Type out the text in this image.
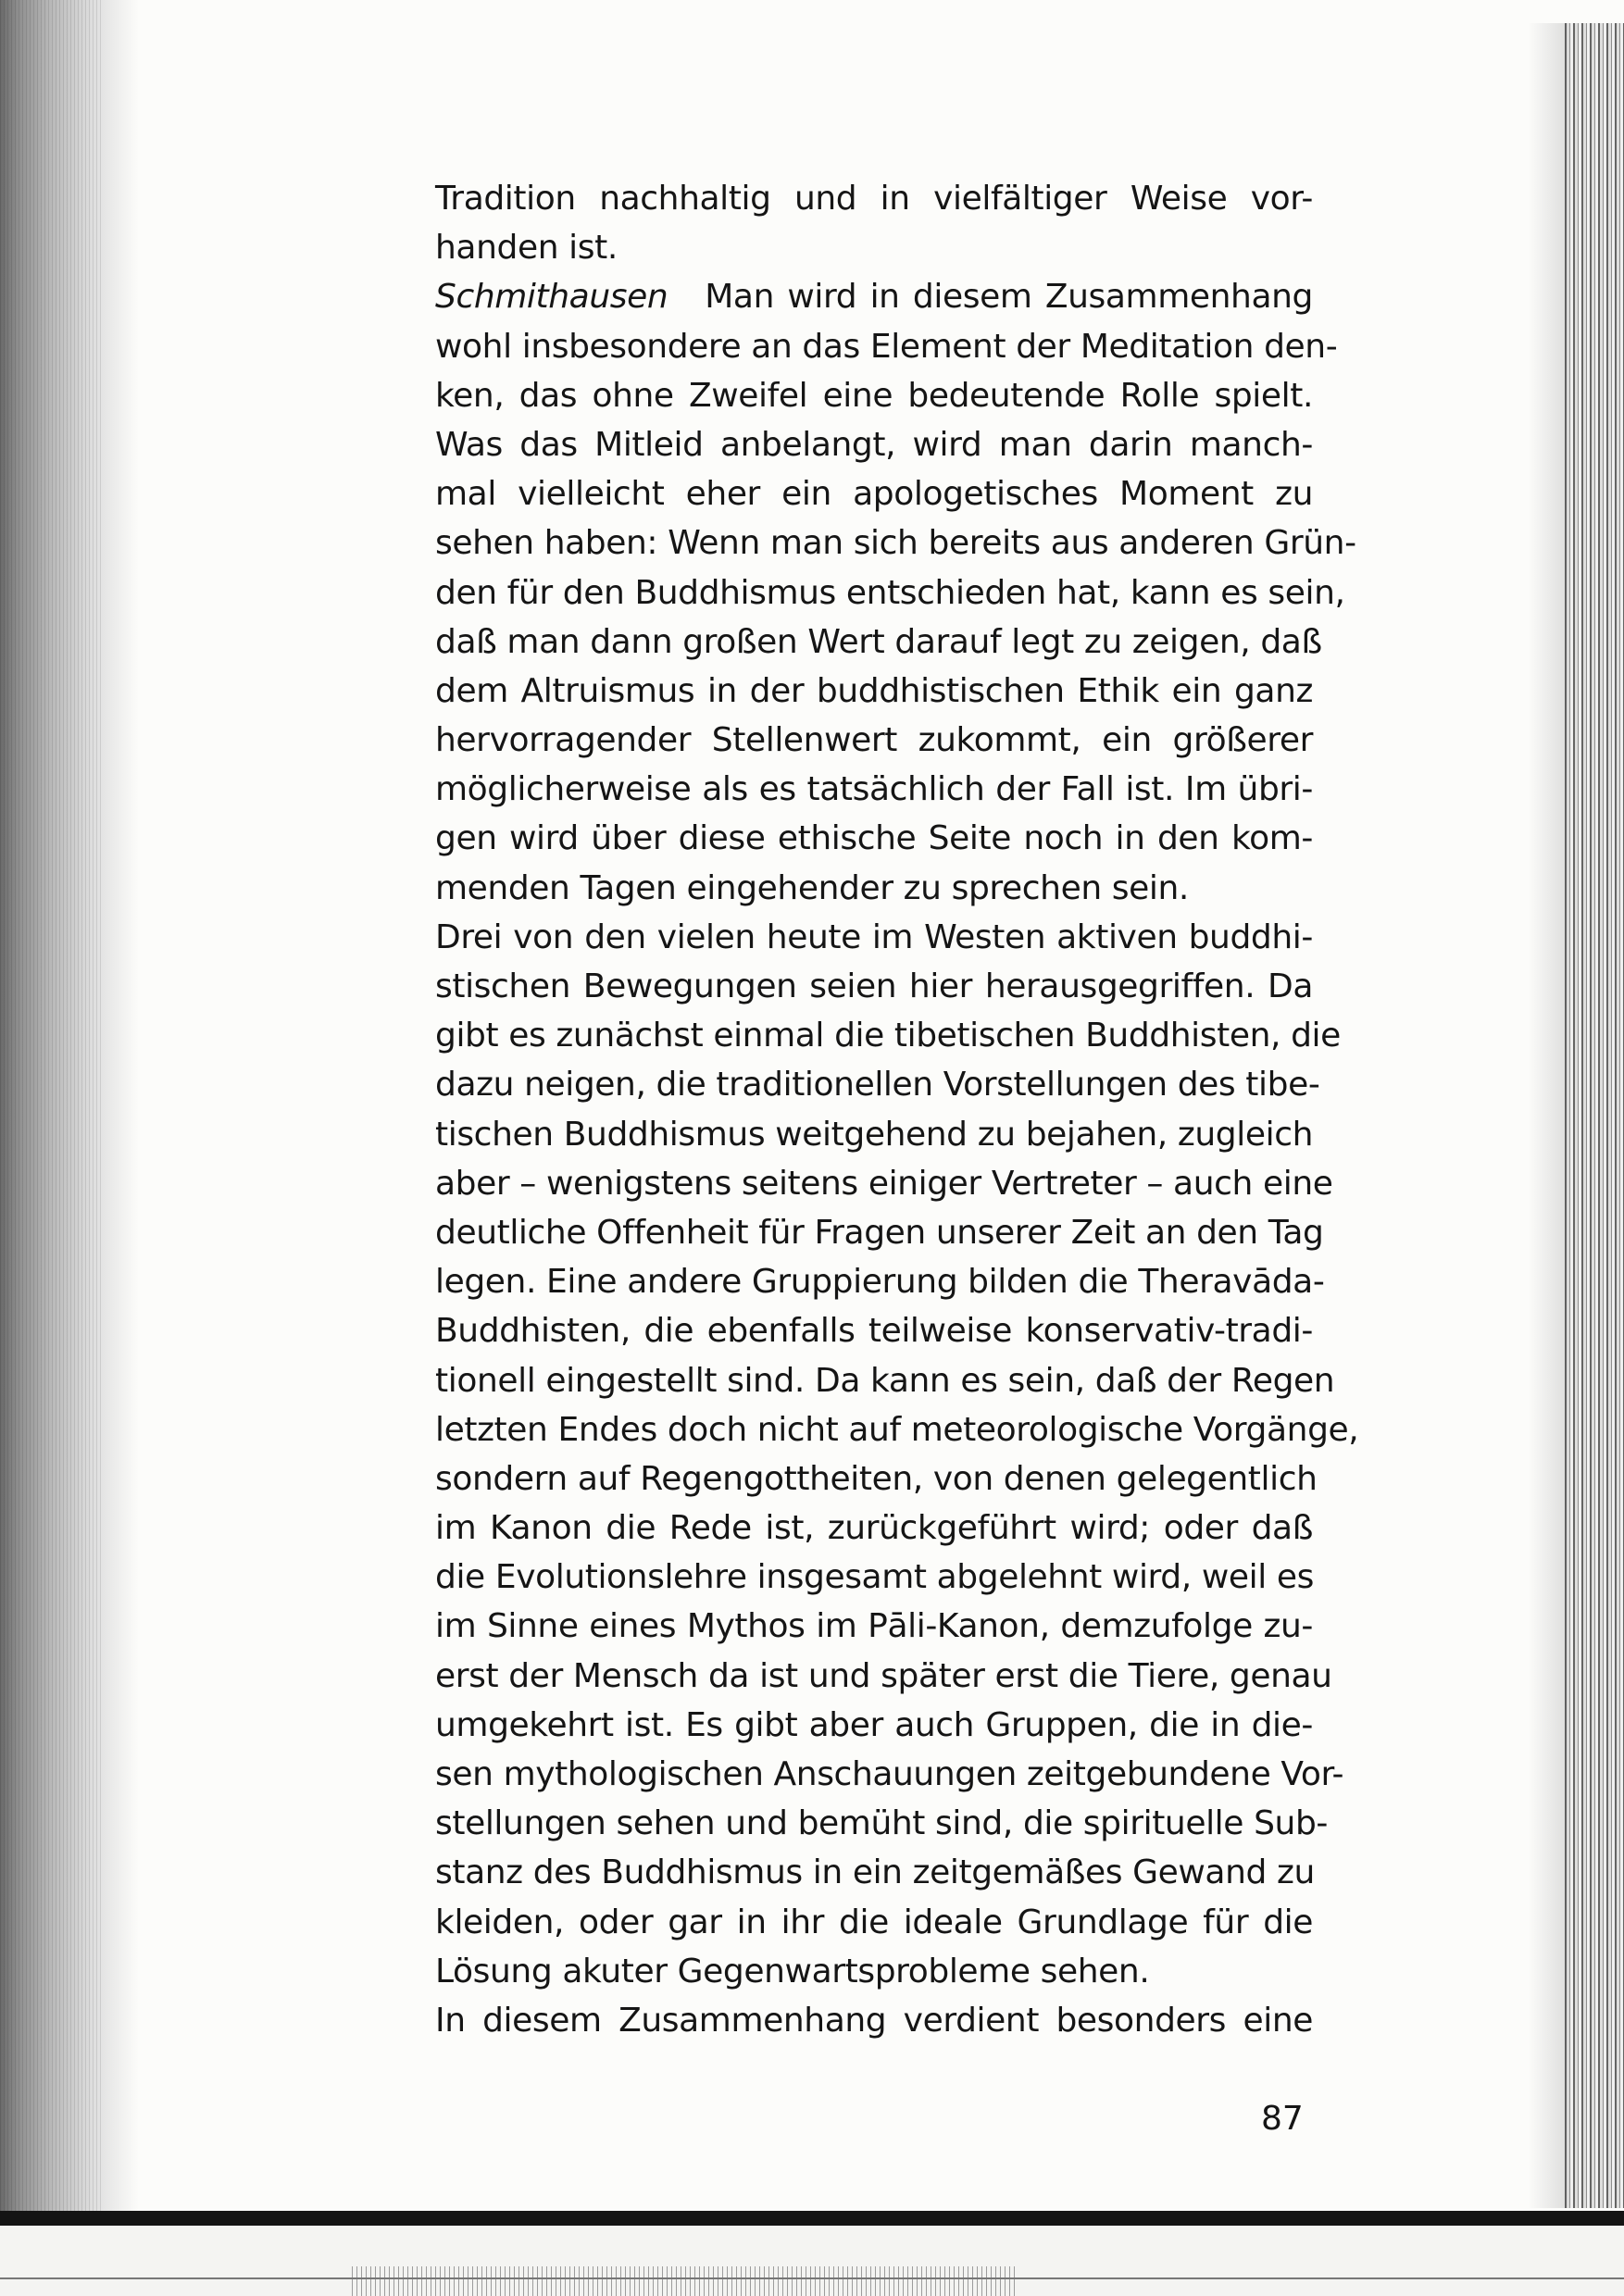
Tradition nachhaltig und in vielfältiger Weise vor-
handen ist.
Schmithausen Man wird in diesem Zusammenhang
wohl insbesondere an das Element der Meditation den-
ken, das ohne Zweifel eine bedeutende Rolle spielt.
Was das Mitleid anbelangt, wird man darin manch-
mal vielleicht eher ein apologetisches Moment zu
sehen haben: Wenn man sich bereits aus anderen Grün-
den für den Buddhismus entschieden hat, kann es sein,
daß man dann großen Wert darauf legt zu zeigen, daß
dem Altruismus in der buddhistischen Ethik ein ganz
hervorragender Stellenwert zukommt, ein größerer
möglicherweise als es tatsächlich der Fall ist. Im übri-
gen wird über diese ethische Seite noch in den kom-
menden Tagen eingehender zu sprechen sein.
Drei von den vielen heute im Westen aktiven buddhi-
stischen Bewegungen seien hier herausgegriffen. Da
gibt es zunächst einmal die tibetischen Buddhisten, die
dazu neigen, die traditionellen Vorstellungen des tibe-
tischen Buddhismus weitgehend zu bejahen, zugleich
aber – wenigstens seitens einiger Vertreter – auch eine
deutliche Offenheit für Fragen unserer Zeit an den Tag
legen. Eine andere Gruppierung bilden die Theravāda-
Buddhisten, die ebenfalls teilweise konservativ-tradi-
tionell eingestellt sind. Da kann es sein, daß der Regen
letzten Endes doch nicht auf meteorologische Vorgänge,
sondern auf Regengottheiten, von denen gelegentlich
im Kanon die Rede ist, zurückgeführt wird; oder daß
die Evolutionslehre insgesamt abgelehnt wird, weil es
im Sinne eines Mythos im Pāli-Kanon, demzufolge zu-
erst der Mensch da ist und später erst die Tiere, genau
umgekehrt ist. Es gibt aber auch Gruppen, die in die-
sen mythologischen Anschauungen zeitgebundene Vor-
stellungen sehen und bemüht sind, die spirituelle Sub-
stanz des Buddhismus in ein zeitgemäßes Gewand zu
kleiden, oder gar in ihr die ideale Grundlage für die
Lösung akuter Gegenwartsprobleme sehen.
In diesem Zusammenhang verdient besonders eine
87
